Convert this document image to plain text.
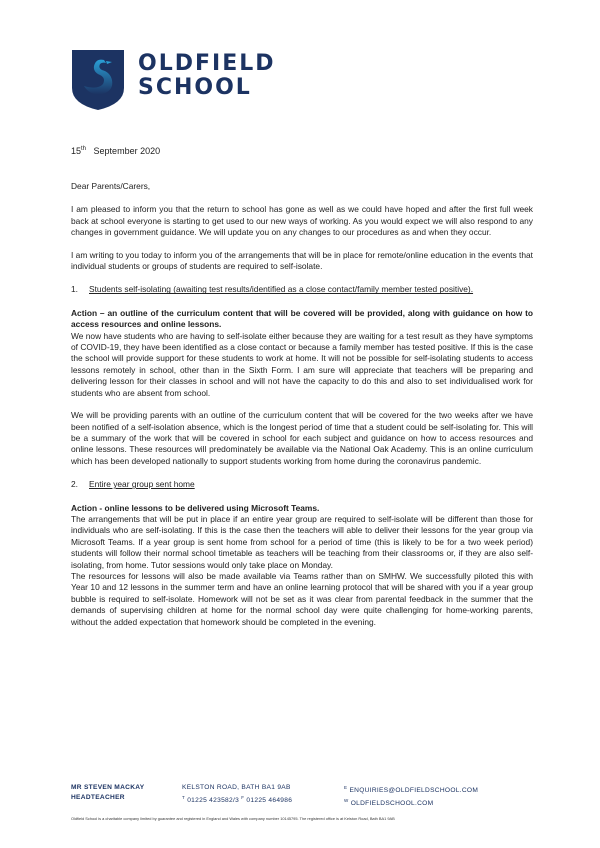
OLDFIELD
SCHOOL
15th September 2020

Dear Parents/Carers,

I am pleased to inform you that the return to school has gone as well as we could have hoped and after the first full week back at school everyone is starting to get used to our new ways of working. As you would expect we will also respond to any changes in government guidance. We will update you on any changes to our procedures as and when they occur.

I am writing to you today to inform you of the arrangements that will be in place for remote/online education in the events that individual students or groups of students are required to self-isolate.

1.	Students self-isolating (awaiting test results/identified as a close contact/family member tested positive).

Action – an outline of the curriculum content that will be covered will be provided, along with guidance on how to access resources and online lessons.

We now have students who are having to self-isolate either because they are waiting for a test result as they have symptoms of COVID-19, they have been identified as a close contact or because a family member has tested positive. If this is the case the school will provide support for these students to work at home. It will not be possible for self-isolating students to access lessons remotely in school, other than in the Sixth Form. I am sure will appreciate that teachers will be preparing and delivering lesson for their classes in school and will not have the capacity to do this and also to set individualised work for students who are absent from school.

We will be providing parents with an outline of the curriculum content that will be covered for the two weeks after we have been notified of a self-isolation absence, which is the longest period of time that a student could be self-isolating for. This will be a summary of the work that will be covered in school for each subject and guidance on how to access resources and online lessons. These resources will predominately be available via the National Oak Academy. This is an online curriculum which has been developed nationally to support students working from home during the coronavirus pandemic.

2.	Entire year group sent home

Action - online lessons to be delivered using Microsoft Teams.

The arrangements that will be put in place if an entire year group are required to self-isolate will be different than those for individuals who are self-isolating. If this is the case then the teachers will able to deliver their lessons for the year group via Microsoft Teams. If a year group is sent home from school for a period of time (this is likely to be for a two week period) students will follow their normal school timetable as teachers will be teaching from their classrooms or, if they are also self-isolating, from home. Tutor sessions would only take place on Monday.

The resources for lessons will also be made available via Teams rather than on SMHW. We successfully piloted this with Year 10 and 12 lessons in the summer term and have an online learning protocol that will be shared with you if a year group bubble is required to self-isolate. Homework will not be set as it was clear from parental feedback in the summer that the demands of supervising children at home for the normal school day were quite challenging for home-working parents, without the added expectation that homework should be completed in the evening.

MR STEVEN MACKAY
HEADTEACHER
KELSTON ROAD, BATH BA1 9AB
$^T$ 01225 423582/3 $^F$ 01225 464986
$^E$ ENQUIRIES@OLDFIELDSCHOOL.COM
$^W$ OLDFIELDSCHOOL.COM
Oldfield School is a charitable company limited by guarantee and registered in England and Wales with company number 10145795. The registered office is at Kelston Road, Bath BA1 9AB
